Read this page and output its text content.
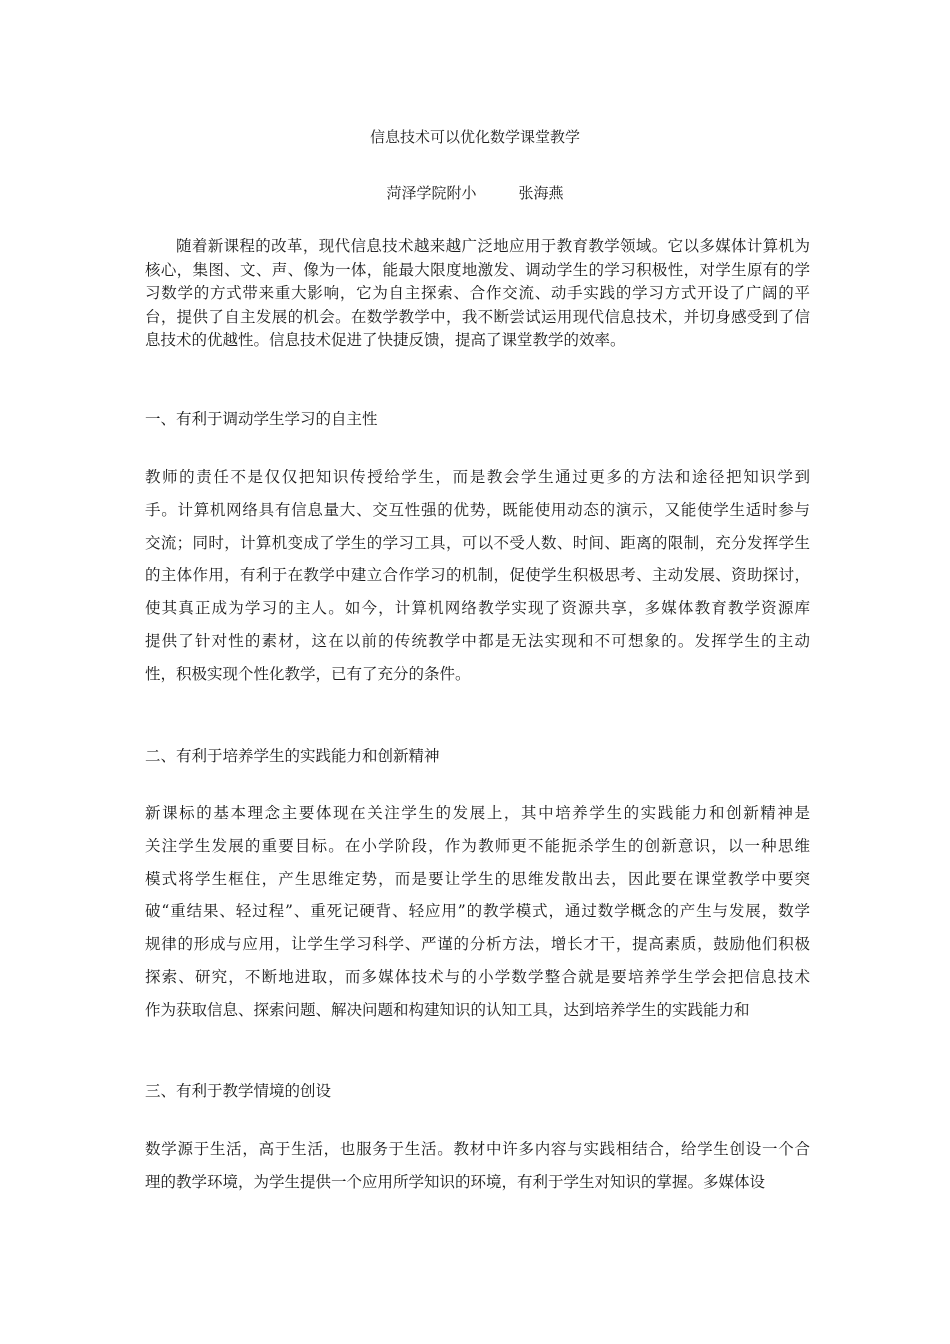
信息技术可以优化数学课堂教学
菏泽学院附小	张海燕
随着新课程的改革，现代信息技术越来越广泛地应用于教育教学领域。它以多媒体计算机为核心，集图、文、声、像为一体，能最大限度地激发、调动学生的学习积极性，对学生原有的学习数学的方式带来重大影响，它为自主探索、合作交流、动手实践的学习方式开设了广阔的平台，提供了自主发展的机会。在数学教学中，我不断尝试运用现代信息技术，并切身感受到了信息技术的优越性。信息技术促进了快捷反馈，提高了课堂教学的效率。
一、有利于调动学生学习的自主性
教师的责任不是仅仅把知识传授给学生，而是教会学生通过更多的方法和途径把知识学到
手。计算机网络具有信息量大、交互性强的优势，既能使用动态的演示，又能使学生适时参与
交流；同时，计算机变成了学生的学习工具，可以不受人数、时间、距离的限制，充分发挥学生
的主体作用，有利于在教学中建立合作学习的机制，促使学生积极思考、主动发展、资助探讨，
使其真正成为学习的主人。如今，计算机网络教学实现了资源共享，多媒体教育教学资源库
提供了针对性的素材，这在以前的传统教学中都是无法实现和不可想象的。发挥学生的主动
性，积极实现个性化教学，已有了充分的条件。
二、有利于培养学生的实践能力和创新精神
新课标的基本理念主要体现在关注学生的发展上，其中培养学生的实践能力和创新精神是
关注学生发展的重要目标。在小学阶段，作为教师更不能扼杀学生的创新意识，以一种思维
模式将学生框住，产生思维定势，而是要让学生的思维发散出去，因此要在课堂教学中要突
破“重结果、轻过程”、重死记硬背、轻应用”的教学模式，通过数学概念的产生与发展，数学
规律的形成与应用，让学生学习科学、严谨的分析方法，增长才干，提高素质，鼓励他们积极
探索、研究，不断地进取，而多媒体技术与的小学数学整合就是要培养学生学会把信息技术
作为获取信息、探索问题、解决问题和构建知识的认知工具，达到培养学生的实践能力和
三、有利于教学情境的创设
数学源于生活，高于生活，也服务于生活。教材中许多内容与实践相结合，给学生创设一个合
理的教学环境，为学生提供一个应用所学知识的环境，有利于学生对知识的掌握。多媒体设
